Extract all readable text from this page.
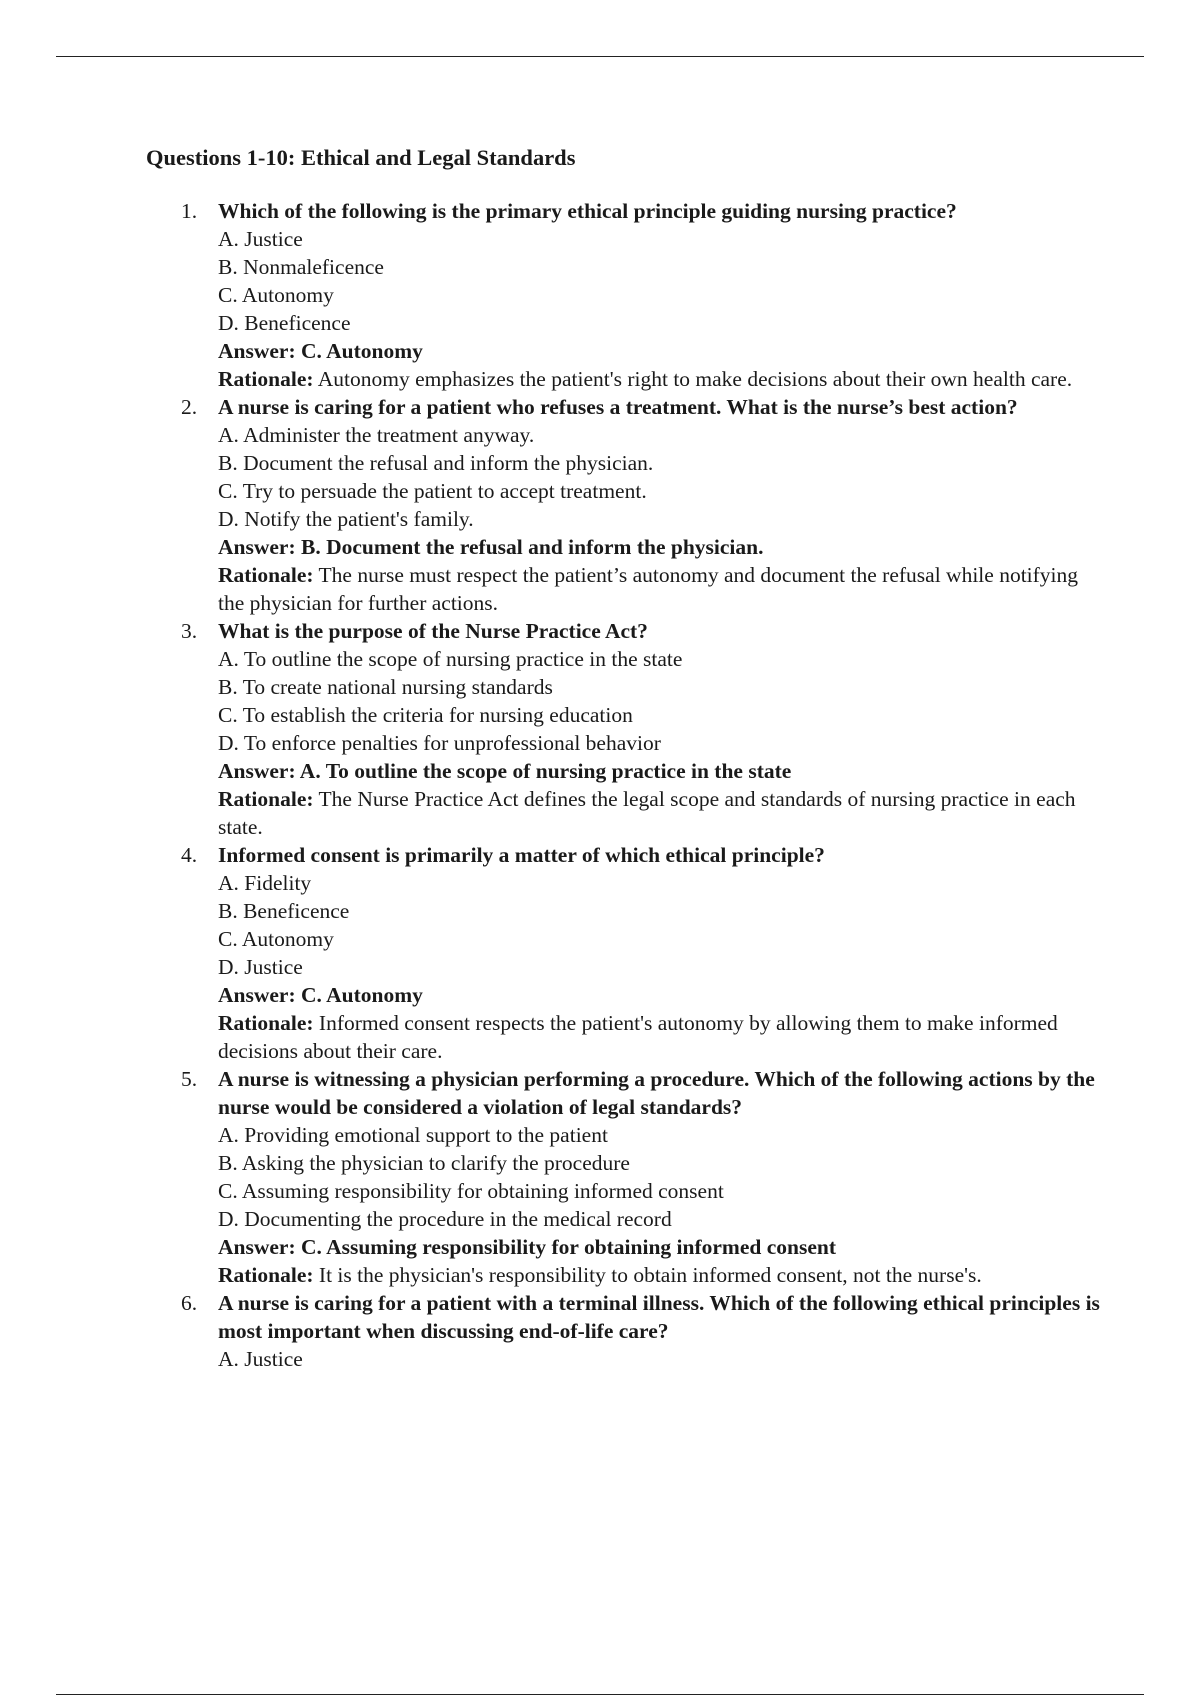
Questions 1-10: Ethical and Legal Standards
1. Which of the following is the primary ethical principle guiding nursing practice?
A. Justice
B. Nonmaleficence
C. Autonomy
D. Beneficence
Answer: C. Autonomy
Rationale: Autonomy emphasizes the patient's right to make decisions about their own health care.
2. A nurse is caring for a patient who refuses a treatment. What is the nurse’s best action?
A. Administer the treatment anyway.
B. Document the refusal and inform the physician.
C. Try to persuade the patient to accept treatment.
D. Notify the patient's family.
Answer: B. Document the refusal and inform the physician.
Rationale: The nurse must respect the patient’s autonomy and document the refusal while notifying the physician for further actions.
3. What is the purpose of the Nurse Practice Act?
A. To outline the scope of nursing practice in the state
B. To create national nursing standards
C. To establish the criteria for nursing education
D. To enforce penalties for unprofessional behavior
Answer: A. To outline the scope of nursing practice in the state
Rationale: The Nurse Practice Act defines the legal scope and standards of nursing practice in each state.
4. Informed consent is primarily a matter of which ethical principle?
A. Fidelity
B. Beneficence
C. Autonomy
D. Justice
Answer: C. Autonomy
Rationale: Informed consent respects the patient's autonomy by allowing them to make informed decisions about their care.
5. A nurse is witnessing a physician performing a procedure. Which of the following actions by the nurse would be considered a violation of legal standards?
A. Providing emotional support to the patient
B. Asking the physician to clarify the procedure
C. Assuming responsibility for obtaining informed consent
D. Documenting the procedure in the medical record
Answer: C. Assuming responsibility for obtaining informed consent
Rationale: It is the physician's responsibility to obtain informed consent, not the nurse's.
6. A nurse is caring for a patient with a terminal illness. Which of the following ethical principles is most important when discussing end-of-life care?
A. Justice
